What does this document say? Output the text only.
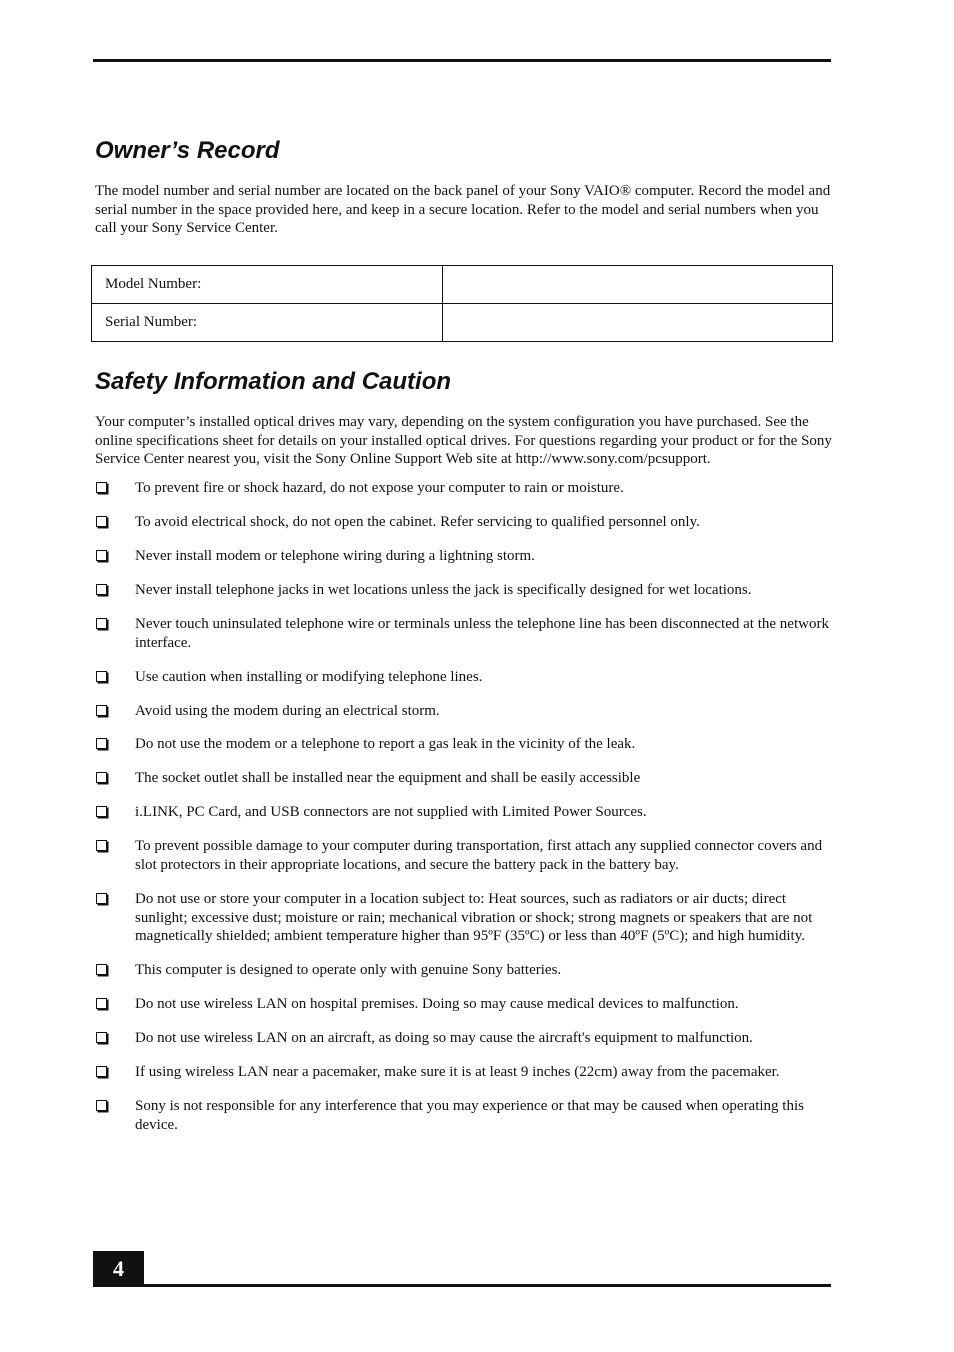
Owner’s Record

The model number and serial number are located on the back panel of your Sony VAIO® computer. Record the model and serial number in the space provided here, and keep in a secure location. Refer to the model and serial numbers when you call your Sony Service Center.

Model Number:	
Serial Number:	
Safety Information and Caution

Your computer’s installed optical drives may vary, depending on the system configuration you have purchased. See the online specifications sheet for details on your installed optical drives. For questions regarding your product or for the Sony Service Center nearest you, visit the Sony Online Support Web site at http://www.sony.com/pcsupport.

To prevent fire or shock hazard, do not expose your computer to rain or moisture.
To avoid electrical shock, do not open the cabinet. Refer servicing to qualified personnel only.
Never install modem or telephone wiring during a lightning storm.
Never install telephone jacks in wet locations unless the jack is specifically designed for wet locations.
Never touch uninsulated telephone wire or terminals unless the telephone line has been disconnected at the network interface.
Use caution when installing or modifying telephone lines.
Avoid using the modem during an electrical storm.
Do not use the modem or a telephone to report a gas leak in the vicinity of the leak.
The socket outlet shall be installed near the equipment and shall be easily accessible
i.LINK, PC Card, and USB connectors are not supplied with Limited Power Sources.
To prevent possible damage to your computer during transportation, first attach any supplied connector covers and slot protectors in their appropriate locations, and secure the battery pack in the battery bay.
Do not use or store your computer in a location subject to: Heat sources, such as radiators or air ducts; direct sunlight; excessive dust; moisture or rain; mechanical vibration or shock; strong magnets or speakers that are not magnetically shielded; ambient temperature higher than 95ºF (35ºC) or less than 40ºF (5ºC); and high humidity.
This computer is designed to operate only with genuine Sony batteries.
Do not use wireless LAN on hospital premises. Doing so may cause medical devices to malfunction.
Do not use wireless LAN on an aircraft, as doing so may cause the aircraft's equipment to malfunction.
If using wireless LAN near a pacemaker, make sure it is at least 9 inches (22cm) away from the pacemaker.
Sony is not responsible for any interference that you may experience or that may be caused when operating this device.
4
